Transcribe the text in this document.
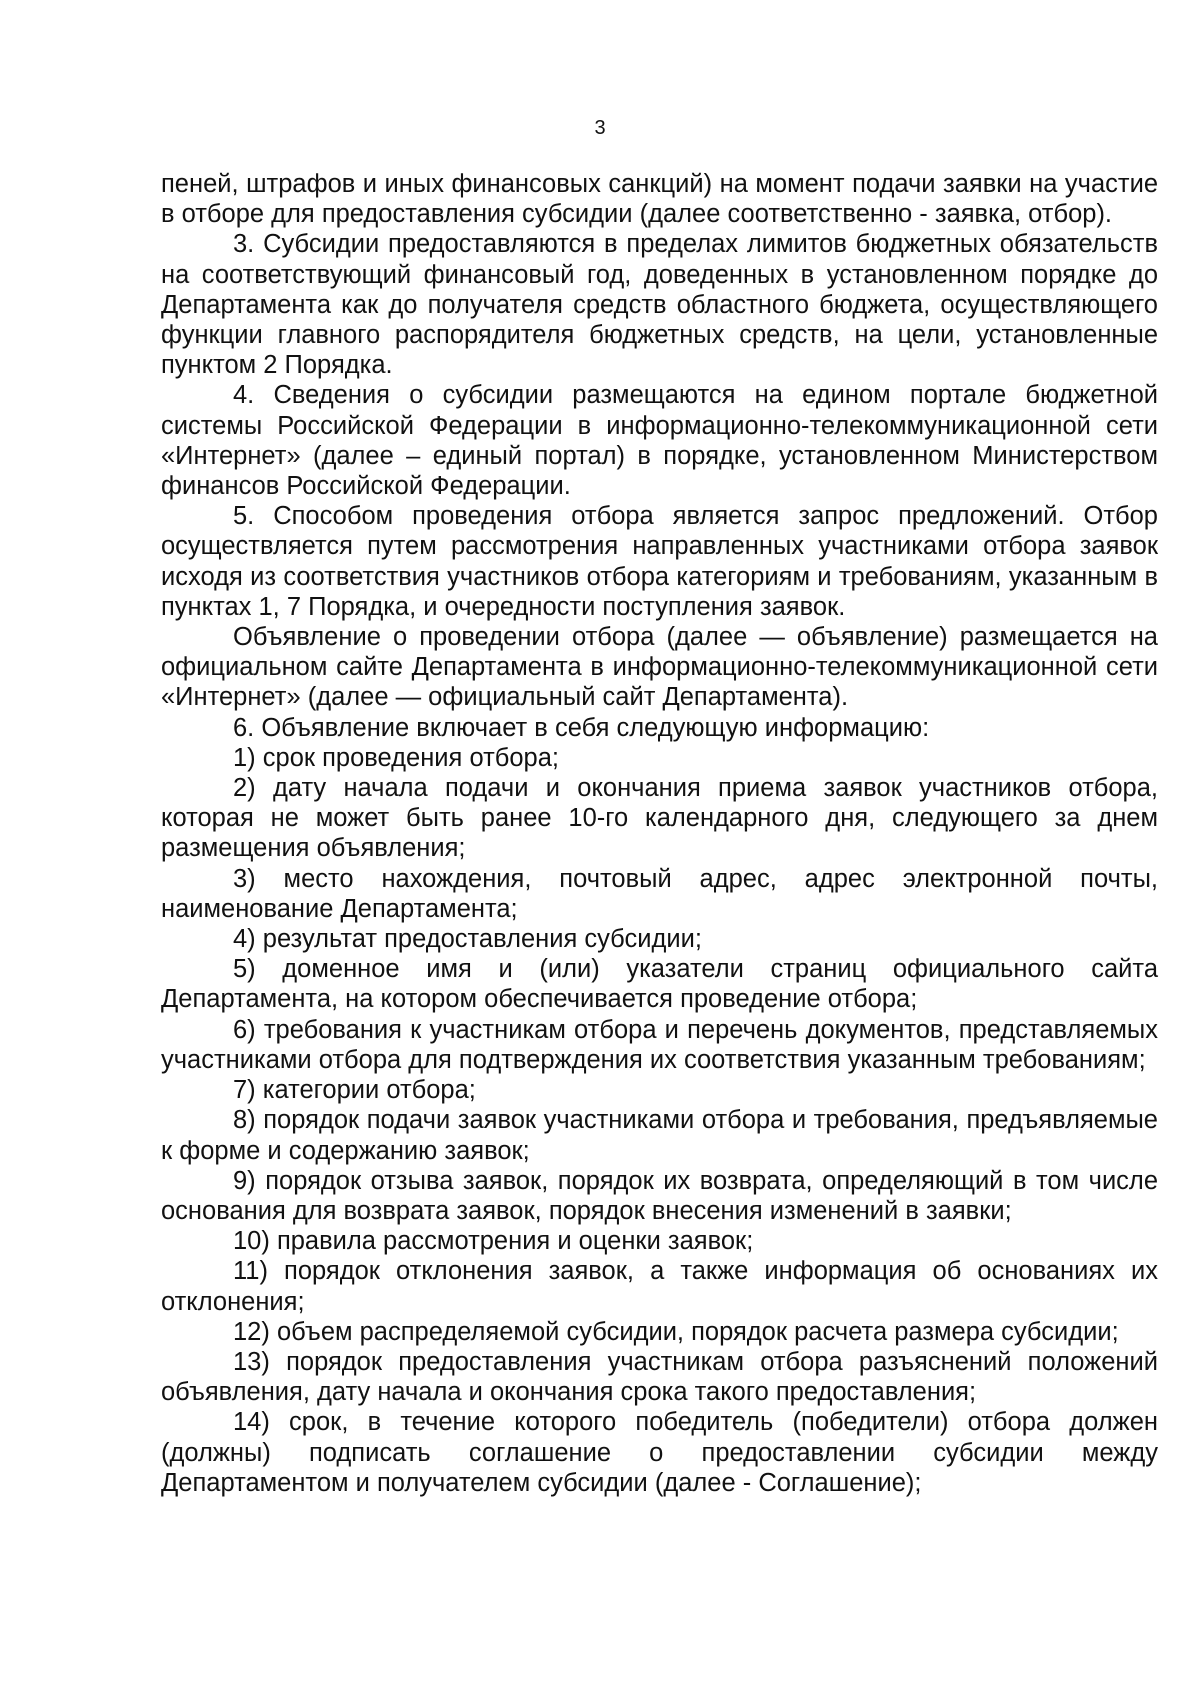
3

пеней, штрафов и иных финансовых санкций) на момент подачи заявки на участие в отборе для предоставления субсидии (далее соответственно - заявка, отбор).

3. Субсидии предоставляются в пределах лимитов бюджетных обязательств на соответствующий финансовый год, доведенных в установленном порядке до Департамента как до получателя средств областного бюджета, осуществляющего функции главного распорядителя бюджетных средств, на цели, установленные пунктом 2 Порядка.

4. Сведения о субсидии размещаются на едином портале бюджетной системы Российской Федерации в информационно-телекоммуникационной сети «Интернет» (далее – единый портал) в порядке, установленном Министерством финансов Российской Федерации.

5. Способом проведения отбора является запрос предложений. Отбор осуществляется путем рассмотрения направленных участниками отбора заявок исходя из соответствия участников отбора категориям и требованиям, указанным в пунктах 1, 7 Порядка, и очередности поступления заявок.

Объявление о проведении отбора (далее — объявление) размещается на официальном сайте Департамента в информационно-телекоммуникационной сети «Интернет» (далее — официальный сайт Департамента).

6. Объявление включает в себя следующую информацию:

1) срок проведения отбора;

2) дату начала подачи и окончания приема заявок участников отбора, которая не может быть ранее 10-го календарного дня, следующего за днем размещения объявления;

3) место нахождения, почтовый адрес, адрес электронной почты, наименование Департамента;

4) результат предоставления субсидии;

5) доменное имя и (или) указатели страниц официального сайта Департамента, на котором обеспечивается проведение отбора;

6) требования к участникам отбора и перечень документов, представляемых участниками отбора для подтверждения их соответствия указанным требованиям;

7) категории отбора;

8) порядок подачи заявок участниками отбора и требования, предъявляемые к форме и содержанию заявок;

9) порядок отзыва заявок, порядок их возврата, определяющий в том числе основания для возврата заявок, порядок внесения изменений в заявки;

10) правила рассмотрения и оценки заявок;

11) порядок отклонения заявок, а также информация об основаниях их отклонения;

12) объем распределяемой субсидии, порядок расчета размера субсидии;

13) порядок предоставления участникам отбора разъяснений положений объявления, дату начала и окончания срока такого предоставления;

14) срок, в течение которого победитель (победители) отбора должен (должны) подписать соглашение о предоставлении субсидии между Департаментом и получателем субсидии (далее - Соглашение);
